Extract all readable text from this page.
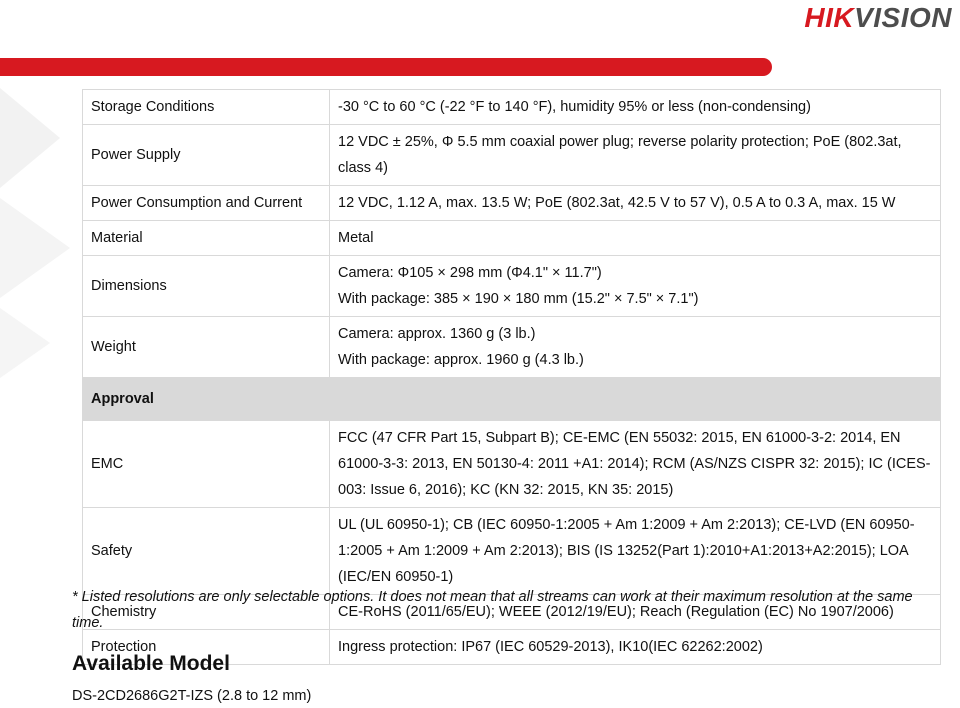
HIKVISION
Storage Conditions	-30 °C to 60 °C (-22 °F to 140 °F), humidity 95% or less (non-condensing)

Power Supply	12 VDC ± 25%, Φ 5.5 mm coaxial power plug; reverse polarity protection; PoE (802.3at, class 4)

Power Consumption and Current	12 VDC, 1.12 A, max. 13.5 W; PoE (802.3at, 42.5 V to 57 V), 0.5 A to 0.3 A, max. 15 W

Material	Metal

Dimensions	Camera: Φ105 × 298 mm (Φ4.1" × 11.7")
With package: 385 × 190 × 180 mm (15.2" × 7.5" × 7.1")

Weight	Camera: approx. 1360 g (3 lb.)
With package: approx. 1960 g (4.3 lb.)

Approval	
EMC	FCC (47 CFR Part 15, Subpart B); CE-EMC (EN 55032: 2015, EN 61000-3-2: 2014, EN 61000-3-3: 2013, EN 50130-4: 2011 +A1: 2014); RCM (AS/NZS CISPR 32: 2015); IC (ICES-003: Issue 6, 2016); KC (KN 32: 2015, KN 35: 2015)

Safety	UL (UL 60950-1); CB (IEC 60950-1:2005 + Am 1:2009 + Am 2:2013); CE-LVD (EN 60950-1:2005 + Am 1:2009 + Am 2:2013); BIS (IS 13252(Part 1):2010+A1:2013+A2:2015); LOA (IEC/EN 60950-1)

Chemistry	CE-RoHS (2011/65/EU); WEEE (2012/19/EU); Reach (Regulation (EC) No 1907/2006)

Protection	Ingress protection: IP67 (IEC 60529-2013), IK10(IEC 62262:2002)
* Listed resolutions are only selectable options. It does not mean that all streams can work at their maximum resolution at the same time.
Available Model
DS-2CD2686G2T-IZS (2.8 to 12 mm)
